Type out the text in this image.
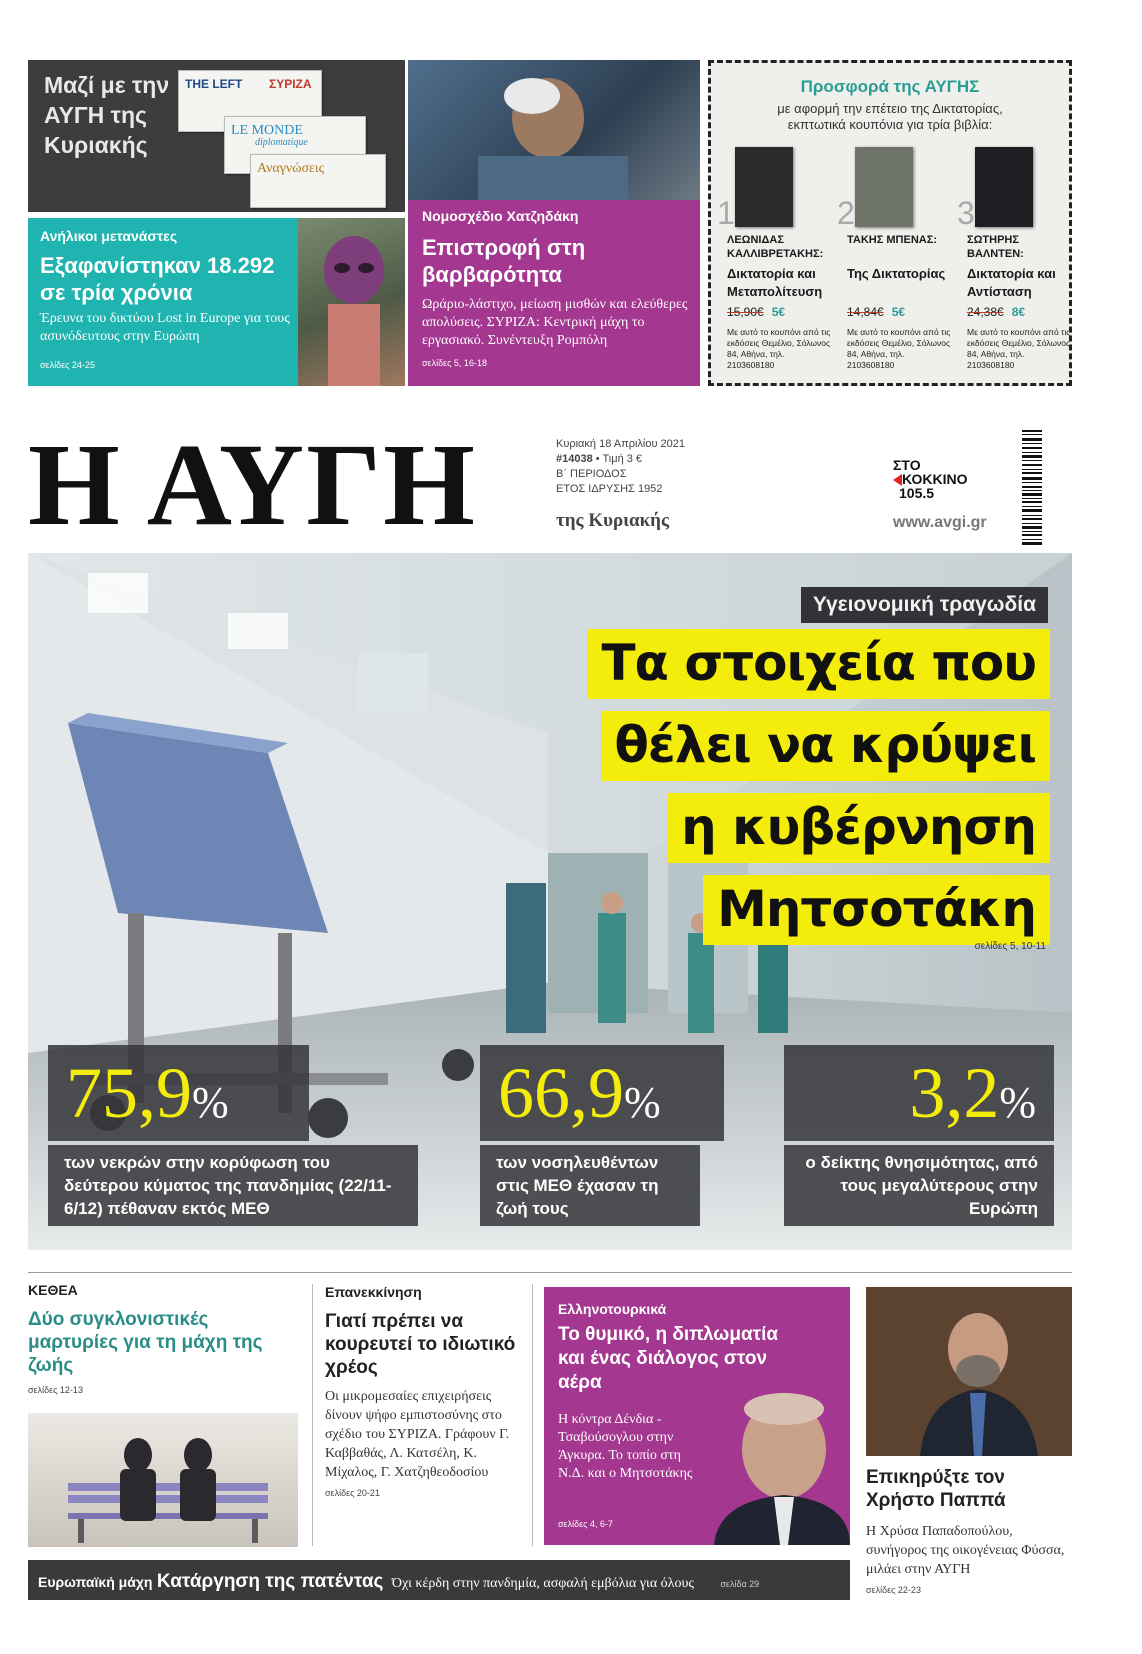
Μαζί με την ΑΥΓΗ της Κυριακής
THE LEFT ΣΥΡΙΖΑ
LE MONDE
diplomatique
Αναγνώσεις
Ανήλικοι μετανάστες
Εξαφανίστηκαν 18.292 σε τρία χρόνια
Έρευνα του δικτύου Lost in Europe για τους ασυνόδευτους στην Ευρώπη
σελίδες 24-25
Νομοσχέδιο Χατζηδάκη
Επιστροφή στη βαρβαρότητα
Ωράριο-λάστιχο, μείωση μισθών και ελεύθερες απολύσεις. ΣΥΡΙΖΑ: Κεντρική μάχη το εργασιακό. Συνέντευξη Ρομπόλη
σελίδες 5, 16-18
Προσφορά της ΑΥΓΗΣ
με αφορμή την επέτειο της Δικτατορίας, εκπτωτικά κουπόνια για τρία βιβλία:
1
ΛΕΩΝΙΔΑΣ ΚΑΛΛΙΒΡΕΤΑΚΗΣ:
Δικτατορία και Μεταπολίτευση
15,90€ 5€
Με αυτό το κουπόνι από τις εκδόσεις Θεμέλιο, Σόλωνος 84, Αθήνα, τηλ. 2103608180
2
ΤΑΚΗΣ ΜΠΕΝΑΣ:
Της Δικτατορίας
14,84€ 5€
Με αυτό το κουπόνι από τις εκδόσεις Θεμέλιο, Σόλωνος 84, Αθήνα, τηλ. 2103608180
3
ΣΩΤΗΡΗΣ ΒΑΛΝΤΕΝ:
Δικτατορία και Αντίσταση
24,38€ 8€
Με αυτό το κουπόνι από τις εκδόσεις Θεμέλιο, Σόλωνος 84, Αθήνα, τηλ. 2103608180
Η ΑΥΓΗ	Κυριακή 18 Απριλίου 2021
#14038 • Τιμή 3 €
Β΄ ΠΕΡΙΟΔΟΣ
ΕΤΟΣ ΙΔΡΥΣΗΣ 1952
της Κυριακής
ΣΤΟ
ΚΟΚΚΙΝΟ
105.5
www.avgi.gr
Υγειονομική τραγωδία
Τα στοιχεία που
θέλει να κρύψει
η κυβέρνηση
Μητσοτάκη
σελίδες 5, 10-11
75,9%
των νεκρών στην κορύφωση του δεύτερου κύματος της πανδημίας (22/11-6/12) πέθαναν εκτός ΜΕΘ
66,9%
των νοσηλευθέντων στις ΜΕΘ έχασαν τη ζωή τους
3,2%
ο δείκτης θνησιμότητας, από τους μεγαλύτερους στην Ευρώπη
ΚΕΘΕΑ
Δύο συγκλονιστικές μαρτυρίες για τη μάχη της ζωής
σελίδες 12-13
Επανεκκίνηση
Γιατί πρέπει να κουρευτεί το ιδιωτικό χρέος
Οι μικρομεσαίες επιχειρήσεις δίνουν ψήφο εμπιστοσύνης στο σχέδιο του ΣΥΡΙΖΑ. Γράφουν Γ. Καββαθάς, Λ. Κατσέλη, Κ. Μίχαλος, Γ. Χατζηθεοδοσίου
σελίδες 20-21
Ελληνοτουρκικά
Το θυμικό, η διπλωματία και ένας διάλογος στον αέρα
Η κόντρα Δένδια - Τσαβούσογλου στην Άγκυρα. Το τοπίο στη Ν.Δ. και ο Μητσοτάκης
σελίδες 4, 6-7
Επικηρύξτε τον Χρήστο Παππά
Η Χρύσα Παπαδοπούλου, συνήγορος της οικογένειας Φύσσα, μιλάει στην ΑΥΓΗ
σελίδες 22-23
Ευρωπαϊκή μάχη Κατάργηση της πατέντας Όχι κέρδη στην πανδημία, ασφαλή εμβόλια για όλους	σελίδα 29
